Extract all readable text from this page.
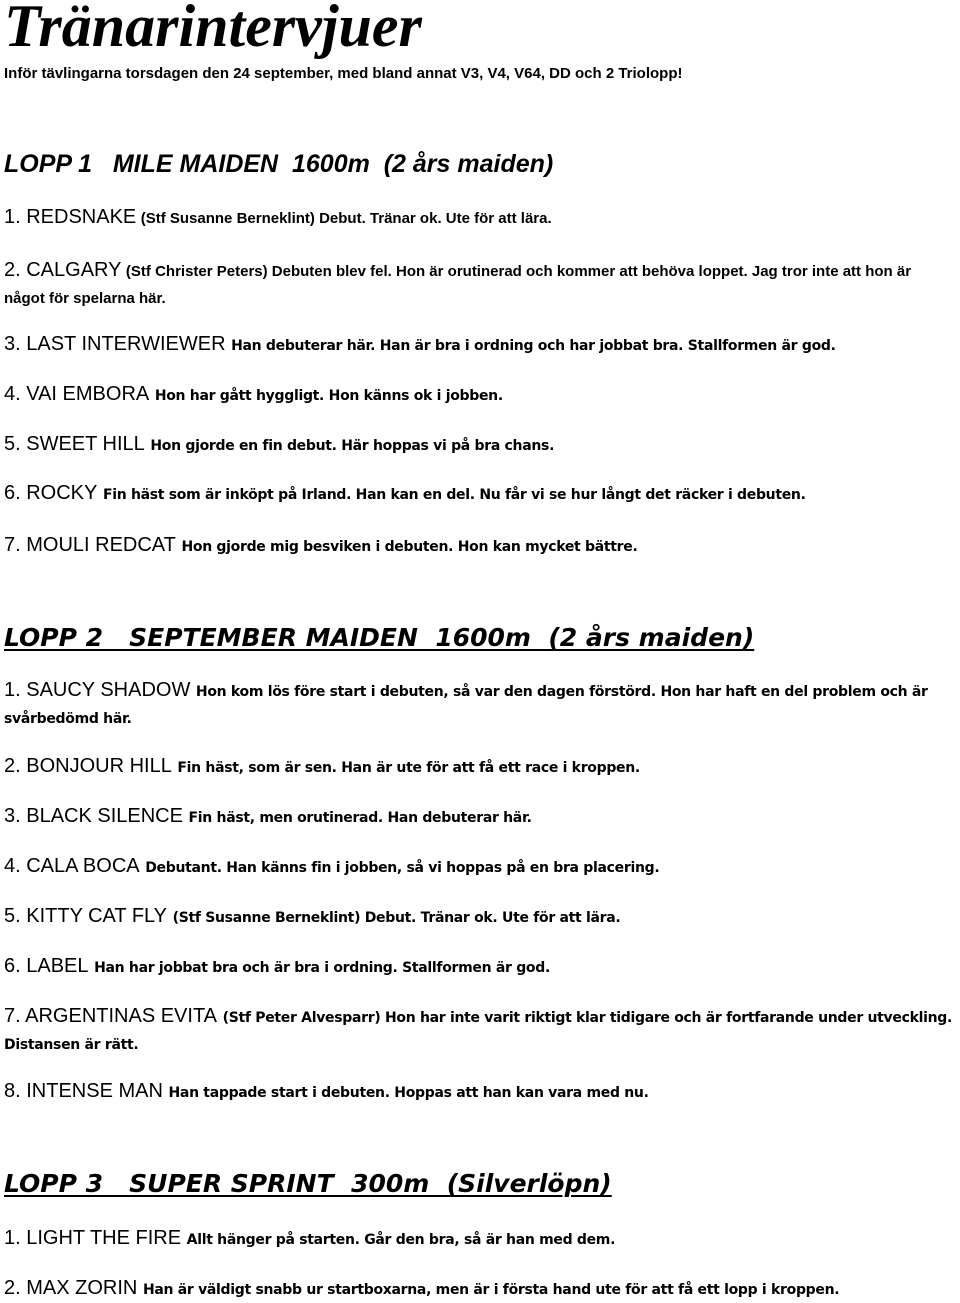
Tränarintervjuer

Inför tävlingarna torsdagen den 24 september, med bland annat V3, V4, V64, DD och 2 Triolopp!

LOPP 1   MILE MAIDEN  1600m  (2 års maiden)

1. REDSNAKE (Stf Susanne Berneklint) Debut. Tränar ok. Ute för att lära.

2. CALGARY (Stf Christer Peters) Debuten blev fel. Hon är orutinerad och kommer att behöva loppet. Jag tror inte att hon är något för spelarna här.

3. LAST INTERWIEWER Han debuterar här. Han är bra i ordning och har jobbat bra. Stallformen är god.

4. VAI EMBORA Hon har gått hyggligt. Hon känns ok i jobben.

5. SWEET HILL Hon gjorde en fin debut. Här hoppas vi på bra chans.

6. ROCKY Fin häst som är inköpt på Irland. Han kan en del. Nu får vi se hur långt det räcker i debuten.

7. MOULI REDCAT Hon gjorde mig besviken i debuten. Hon kan mycket bättre.

LOPP 2   SEPTEMBER MAIDEN  1600m  (2 års maiden)

1. SAUCY SHADOW Hon kom lös före start i debuten, så var den dagen förstörd. Hon har haft en del problem och är svårbedömd här.

2. BONJOUR HILL Fin häst, som är sen. Han är ute för att få ett race i kroppen.

3. BLACK SILENCE Fin häst, men orutinerad. Han debuterar här.

4. CALA BOCA Debutant. Han känns fin i jobben, så vi hoppas på en bra placering.

5. KITTY CAT FLY (Stf Susanne Berneklint) Debut. Tränar ok. Ute för att lära.

6. LABEL Han har jobbat bra och är bra i ordning. Stallformen är god.

7. ARGENTINAS EVITA (Stf Peter Alvesparr) Hon har inte varit riktigt klar tidigare och är fortfarande under utveckling. Distansen är rätt.

8. INTENSE MAN Han tappade start i debuten. Hoppas att han kan vara med nu.

LOPP 3   SUPER SPRINT  300m  (Silverlöpn)

1. LIGHT THE FIRE Allt hänger på starten. Går den bra, så är han med dem.

2. MAX ZORIN Han är väldigt snabb ur startboxarna, men är i första hand ute för att få ett lopp i kroppen.
